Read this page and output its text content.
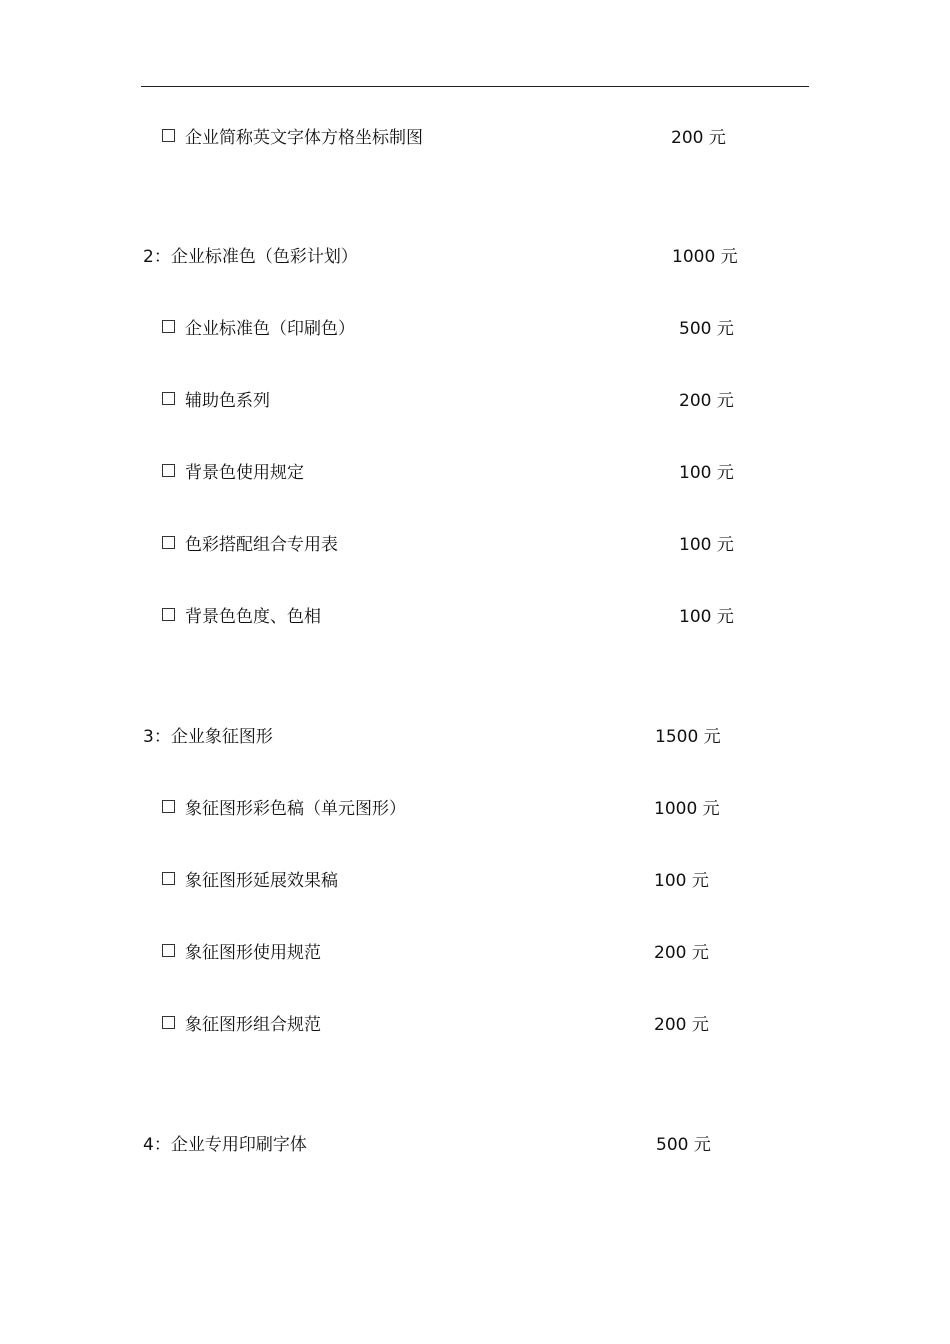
企业简称英文字体方格坐标制图	200 元
2：企业标准色（色彩计划）	1000 元
企业标准色（印刷色）	500 元
辅助色系列	200 元
背景色使用规定	100 元
色彩搭配组合专用表	100 元
背景色色度、色相	100 元
3：企业象征图形	1500 元
象征图形彩色稿（单元图形）	1000 元
象征图形延展效果稿	100 元
象征图形使用规范	200 元
象征图形组合规范	200 元
4：企业专用印刷字体	500 元
